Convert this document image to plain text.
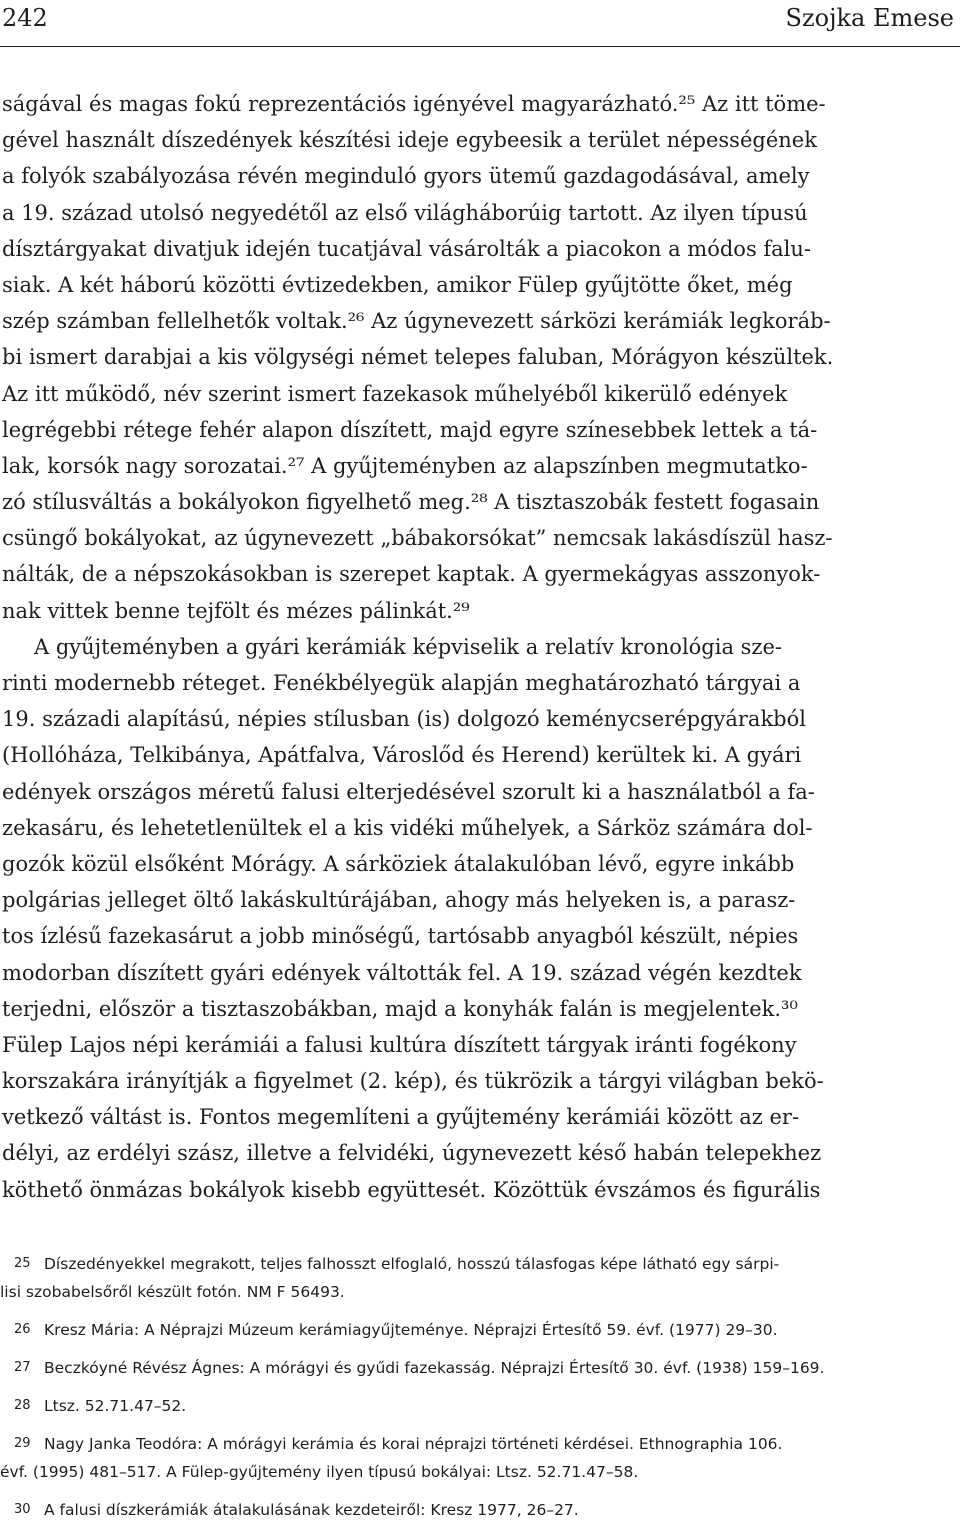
242	Szojka Emese
ságával és magas fokú reprezentációs igényével magyarázható.²⁵ Az itt töme-
gével használt díszedények készítési ideje egybeesik a terület népességének
a folyók szabályozása révén meginduló gyors ütemű gazdagodásával, amely
a 19. század utolsó negyedétől az első világháborúig tartott. Az ilyen típusú
dísztárgyakat divatjuk idején tucatjával vásárolták a piacokon a módos falu-
siak. A két háború közötti évtizedekben, amikor Fülep gyűjtötte őket, még
szép számban fellelhetők voltak.²⁶ Az úgynevezett sárközi kerámiák legkoráb-
bi ismert darabjai a kis völgységi német telepes faluban, Mórágyon készültek.
Az itt működő, név szerint ismert fazekasok műhelyéből kikerülő edények
legrégebbi rétege fehér alapon díszített, majd egyre színesebbek lettek a tá-
lak, korsók nagy sorozatai.²⁷ A gyűjteményben az alapszínben megmutatko-
zó stílusváltás a bokályokon figyelhető meg.²⁸ A tisztaszobák festett fogasain
csüngő bokályokat, az úgynevezett „bábakorsókat” nemcsak lakásdíszül hasz-
nálták, de a népszokásokban is szerepet kaptak. A gyermekágyas asszonyok-
nak vittek benne tejfölt és mézes pálinkát.²⁹
A gyűjteményben a gyári kerámiák képviselik a relatív kronológia sze-
rinti modernebb réteget. Fenékbélyegük alapján meghatározható tárgyai a
19. századi alapítású, népies stílusban (is) dolgozó keménycserépgyárakból
(Hollóháza, Telkibánya, Apátfalva, Városlőd és Herend) kerültek ki. A gyári
edények országos méretű falusi elterjedésével szorult ki a használatból a fa-
zekasáru, és lehetetlenültek el a kis vidéki műhelyek, a Sárköz számára dol-
gozók közül elsőként Mórágy. A sárköziek átalakulóban lévő, egyre inkább
polgárias jelleget öltő lakáskultúrájában, ahogy más helyeken is, a parasz-
tos ízlésű fazekasárut a jobb minőségű, tartósabb anyagból készült, népies
modorban díszített gyári edények váltották fel. A 19. század végén kezdtek
terjedni, először a tisztaszobákban, majd a konyhák falán is megjelentek.³⁰
Fülep Lajos népi kerámiái a falusi kultúra díszített tárgyak iránti fogékony
korszakára irányítják a figyelmet (2. kép), és tükrözik a tárgyi világban bekö-
vetkező váltást is. Fontos megemlíteni a gyűjtemény kerámiái között az er-
délyi, az erdélyi szász, illetve a felvidéki, úgynevezett késő habán telepekhez
köthető önmázas bokályok kisebb együttesét. Közöttük évszámos és figurális
25 Díszedényekkel megrakott, teljes falhosszt elfoglaló, hosszú tálasfogas képe látható egy sárpi-
lisi szobabelsőről készült fotón. NM F 56493.
26 Kresz Mária: A Néprajzi Múzeum kerámiagyűjteménye. Néprajzi Értesítő 59. évf. (1977) 29–30.
27 Beczkóyné Révész Ágnes: A mórágyi és gyűdi fazekasság. Néprajzi Értesítő 30. évf. (1938) 159–169.
28 Ltsz. 52.71.47–52.
29 Nagy Janka Teodóra: A mórágyi kerámia és korai néprajzi történeti kérdései. Ethnographia 106.
évf. (1995) 481–517. A Fülep-gyűjtemény ilyen típusú bokályai: Ltsz. 52.71.47–58.
30 A falusi díszkerámiák átalakulásának kezdeteiről: Kresz 1977, 26–27.
